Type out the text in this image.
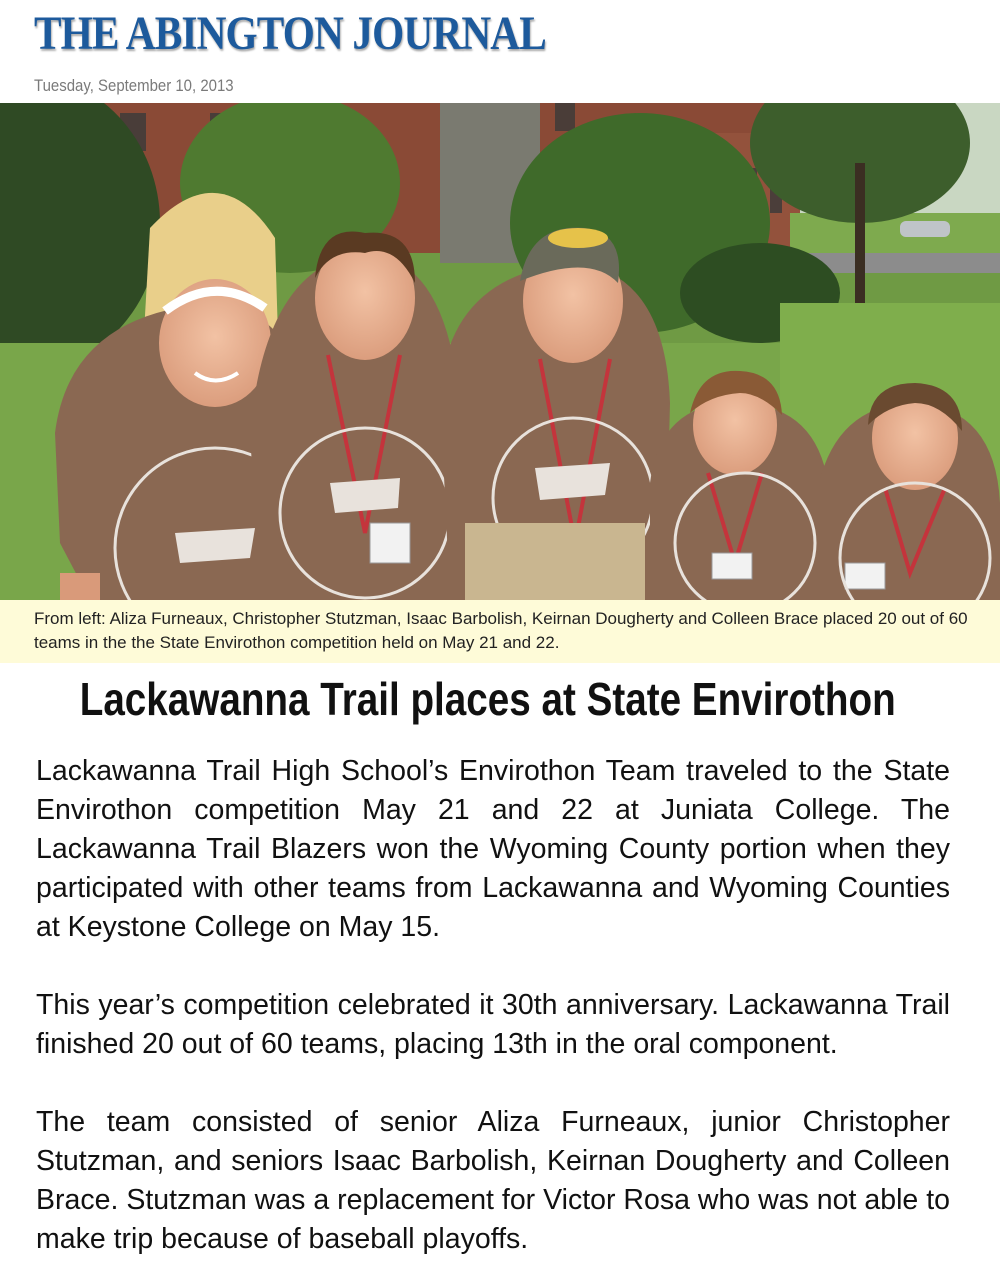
THE ABINGTON JOURNAL
Tuesday, September 10, 2013
From left: Aliza Furneaux, Christopher Stutzman, Isaac Barbolish, Keirnan Dougherty and Colleen Brace placed 20 out of 60 teams in the the State Envirothon competition held on May 21 and 22.
Lackawanna Trail places at State Envirothon

Lackawanna Trail High School’s Envirothon Team traveled to the State Envirothon competition May 21 and 22 at Juniata College. The Lackawanna Trail Blazers won the Wyoming County portion when they participated with other teams from Lackawanna and Wyoming Counties at Keystone College on May 15.

This year’s competition celebrated it 30th anniversary. Lackawanna Trail finished 20 out of 60 teams, placing 13th in the oral component.

The team consisted of senior Aliza Furneaux, junior Christopher Stutzman, and seniors Isaac Barbolish, Keirnan Dougherty and Colleen Brace. Stutzman was a replacement for Victor Rosa who was not able to make trip because of baseball playoffs.
